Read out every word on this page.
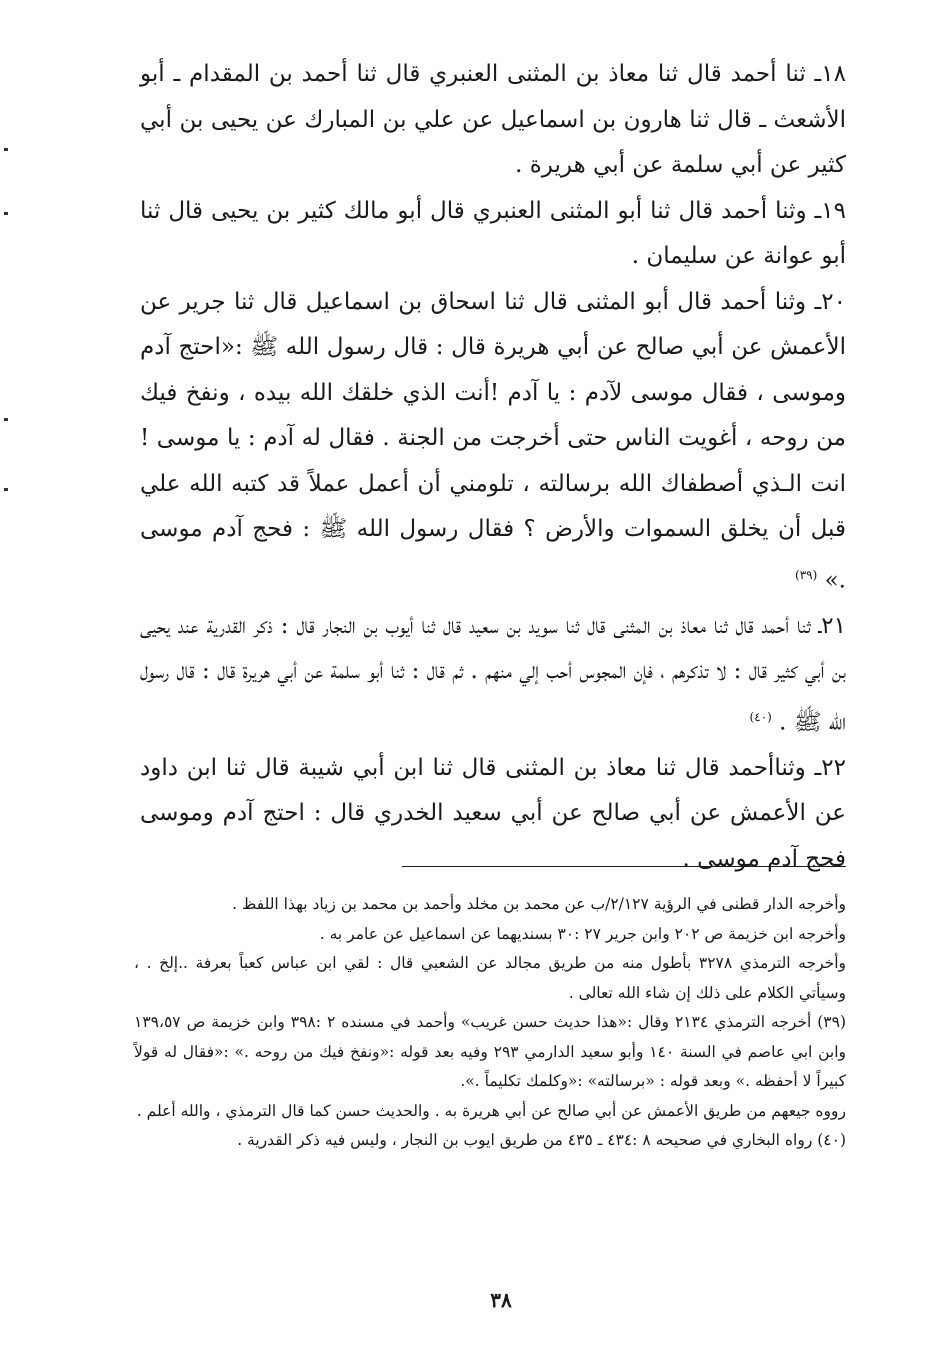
١٨ـ ثنا أحمد قال ثنا معاذ بن المثنى العنبري قال ثنا أحمد بن المقدام ـ أبو الأشعث ـ قال ثنا هارون بن اسماعيل عن علي بن المبارك عن يحيى بن أبي كثير عن أبي سلمة عن أبي هريرة .

١٩ـ وثنا أحمد قال ثنا أبو المثنى العنبري قال أبو مالك كثير بن يحيى قال ثنا أبو عوانة عن سليمان .

٢٠ـ وثنا أحمد قال أبو المثنى قال ثنا اسحاق بن اسماعيل قال ثنا جرير عن الأعمش عن أبي صالح عن أبي هريرة قال : قال رسول الله ﷺ :«احتج آدم وموسى ، فقال موسى لآدم : يا آدم !أنت الذي خلقك الله بيده ، ونفخ فيك من روحه ، أغويت الناس حتى أخرجت من الجنة . فقال له آدم : يا موسى ! انت الـذي أصطفاك الله برسالته ، تلومني أن أعمل عملاً قد كتبه الله علي قبل أن يخلق السموات والأرض ؟ فقال رسول الله ﷺ : فحج آدم موسى .» $^{(٣٩)}$

٢١ـ ثنا أحمد قال ثنا معاذ بن المثنى قال ثنا سويد بن سعيد قال ثنا أيوب بن النجار قال : ذكر القدرية عند يحيى بن أبي كثير قال : لا تذكرهم ، فإن المجوس أحب إلي منهم . ثم قال : ثنا أبو سلمة عن أبي هريرة قال : قال رسول الله ﷺ . $^{(٤٠)}$

٢٢ـ وثناأحمد قال ثنا معاذ بن المثنى قال ثنا ابن أبي شيبة قال ثنا ابن داود عن الأعمش عن أبي صالح عن أبي سعيد الخدري قال : احتج آدم وموسى فحج آدم موسى .

وأخرجه الدار قطنى في الرؤية ٢/١٢٧/ب عن محمد بن مخلد وأحمد بن محمد بن زياد بهذا اللفظ .

وأخرجه ابن خزيمة ص ٢٠٢ وابن جرير ٢٧ :٣٠ بسنديهما عن اسماعيل عن عامر به .

وأخرجه الترمذي ٣٢٧٨ بأطول منه من طريق مجالد عن الشعبي قال : لقي ابن عباس كعباً بعرفة ..إلخ . ، وسيأتي الكلام على ذلك إن شاء الله تعالى .

(٣٩) أخرجه الترمذي ٢١٣٤ وقال :«هذا حديث حسن غريب» وأحمد في مسنده ٢ :٣٩٨ وابن خزيمة ص ١٣٩،٥٧ وابن ابي عاصم في السنة ١٤٠ وأبو سعيد الدارمي ٢٩٣ وفيه بعد قوله :«ونفخ فيك من روحه .» :«فقال له قولاً كبيراً لا أحفظه .» وبعد قوله : «برسالته» :«وكلمك تكليماً .».

رووه جيعهم من طريق الأعمش عن أبي صالح عن أبي هريرة به . والحديث حسن كما قال الترمذي ، والله أعلم .

(٤٠) رواه البخاري في صحيحه ٨ :٤٣٤ ـ ٤٣٥ من طريق ايوب بن النجار ، وليس فيه ذكر القدرية .

٣٨
